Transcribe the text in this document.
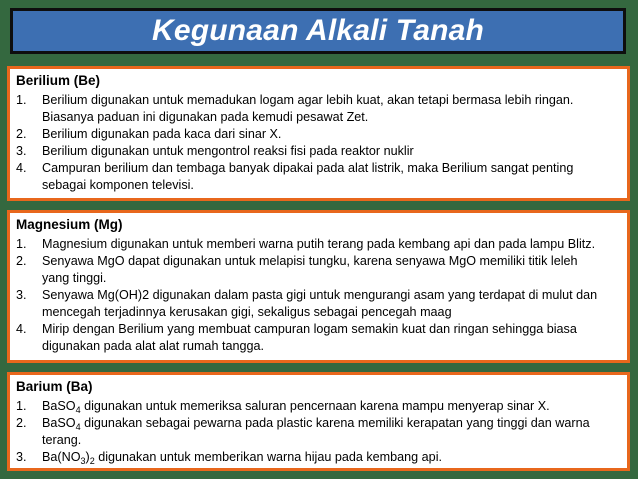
Kegunaan Alkali Tanah
Berilium (Be)
1.	Berilium digunakan untuk memadukan logam agar lebih kuat, akan tetapi bermasa lebih ringan.
Biasanya paduan ini digunakan pada kemudi pesawat Zet.
2.	Berilium digunakan pada kaca dari sinar X.
3.	Berilium digunakan untuk mengontrol reaksi fisi pada reaktor nuklir
4.	Campuran berilium dan tembaga banyak dipakai pada alat listrik, maka Berilium sangat penting
sebagai komponen televisi.
Magnesium (Mg)
1.	Magnesium digunakan untuk memberi warna putih terang pada kembang api dan pada lampu Blitz.
2.	Senyawa MgO dapat digunakan untuk melapisi tungku, karena senyawa MgO memiliki titik leleh
yang tinggi.
3.	Senyawa Mg(OH)2 digunakan dalam pasta gigi untuk mengurangi asam yang terdapat di mulut dan
mencegah terjadinnya kerusakan gigi, sekaligus sebagai pencegah maag
4.	Mirip dengan Berilium yang membuat campuran logam semakin kuat dan ringan sehingga biasa
digunakan pada alat alat rumah tangga.
Barium (Ba)
1.	BaSO$_4$ digunakan untuk memeriksa saluran pencernaan karena mampu menyerap sinar X.
2.	BaSO$_4$ digunakan sebagai pewarna pada plastic karena memiliki kerapatan yang tinggi dan warna
terang.
3.	$Ba(NO_3)_2$ digunakan untuk memberikan warna hijau pada kembang api.
